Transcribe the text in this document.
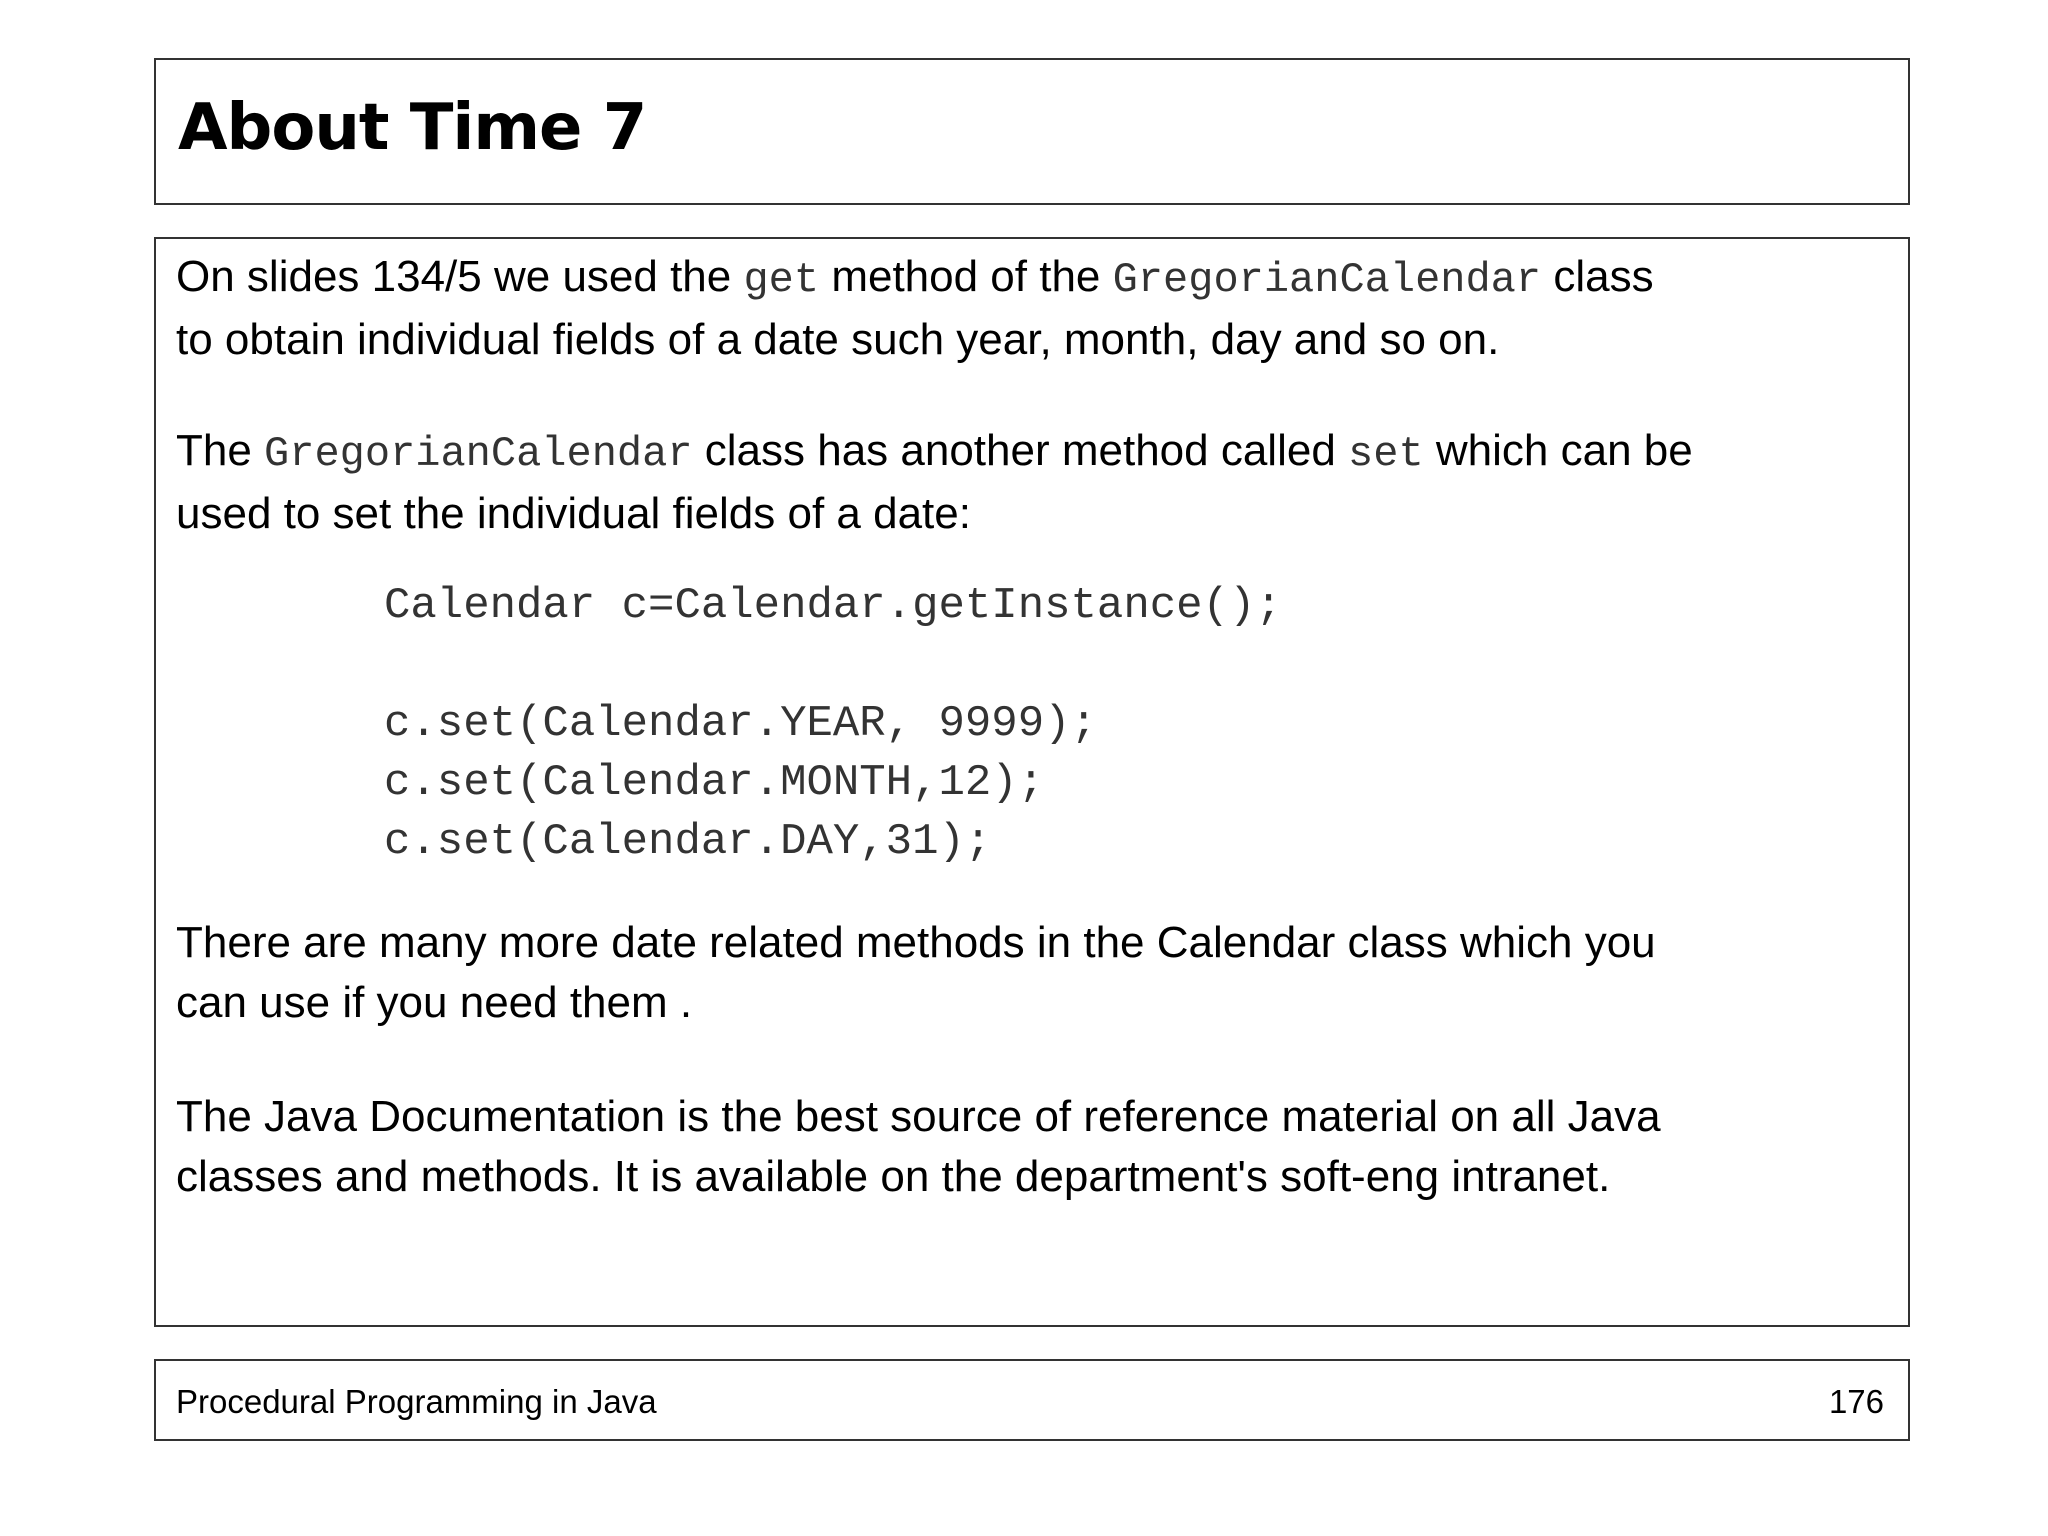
About Time 7

On slides 134/5 we used the get method of the GregorianCalendar class
to obtain individual fields of a date such year, month, day and so on.

The GregorianCalendar class has another method called set which can be
used to set the individual fields of a date:

Calendar c=Calendar.getInstance();
c.set(Calendar.YEAR, 9999);
c.set(Calendar.MONTH,12);
c.set(Calendar.DAY,31);

There are many more date related methods in the Calendar class which you
can use if you need them .

The Java Documentation is the best source of reference material on all Java
classes and methods. It is available on the department's soft-eng intranet.

Procedural Programming in Java	176
